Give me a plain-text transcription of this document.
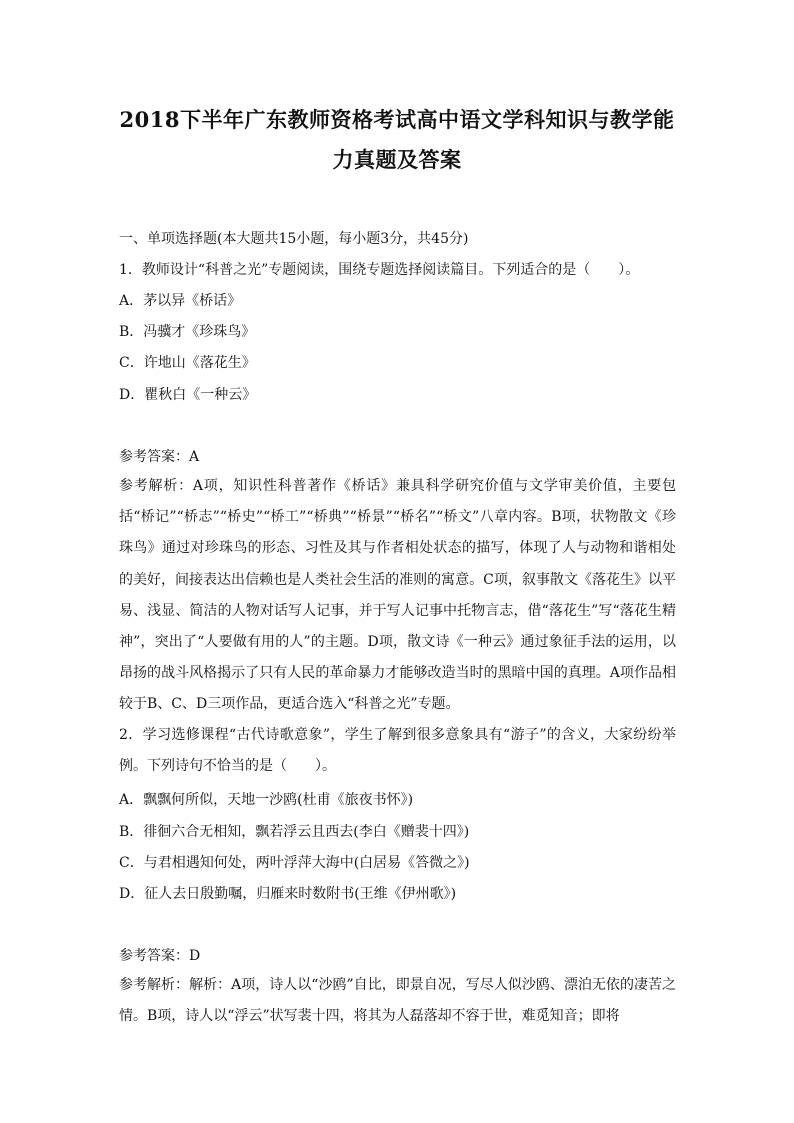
2018下半年广东教师资格考试高中语文学科知识与教学能
力真题及答案
一、单项选择题(本大题共15小题，每小题3分，共45分)
1．教师设计“科普之光”专题阅读，围绕专题选择阅读篇目。下列适合的是（　　）。
A．茅以异《桥话》
B．冯骥才《珍珠鸟》
C．许地山《落花生》
D．瞿秋白《一种云》
参考答案：A
参考解析：A项，知识性科普著作《桥话》兼具科学研究价值与文学审美价值，主要包括“桥记”“桥志”“桥史”“桥工”“桥典”“桥景”“桥名”“桥文”八章内容。B项，状物散文《珍珠鸟》通过对珍珠鸟的形态、习性及其与作者相处状态的描写，体现了人与动物和谐相处的美好，间接表达出信赖也是人类社会生活的准则的寓意。C项，叙事散文《落花生》以平易、浅显、简洁的人物对话写人记事，并于写人记事中托物言志，借“落花生”写“落花生精神”，突出了“人要做有用的人”的主题。D项，散文诗《一种云》通过象征手法的运用，以昂扬的战斗风格揭示了只有人民的革命暴力才能够改造当时的黑暗中国的真理。A项作品相较于B、C、D三项作品，更适合选入“科普之光”专题。
2．学习选修课程“古代诗歌意象”，学生了解到很多意象具有“游子”的含义，大家纷纷举例。下列诗句不恰当的是（　　）。
A．飘飘何所似，天地一沙鸥(杜甫《旅夜书怀》)
B．徘徊六合无相知，飘若浮云且西去(李白《赠裴十四》)
C．与君相遇知何处，两叶浮萍大海中(白居易《答微之》)
D．征人去日殷勤嘱，归雁来时数附书(王维《伊州歌》)
参考答案：D
参考解析：解析：A项，诗人以“沙鸥”自比，即景自况，写尽人似沙鸥、漂泊无依的凄苦之情。B项，诗人以“浮云”状写裴十四，将其为人磊落却不容于世，难觅知音；即将
